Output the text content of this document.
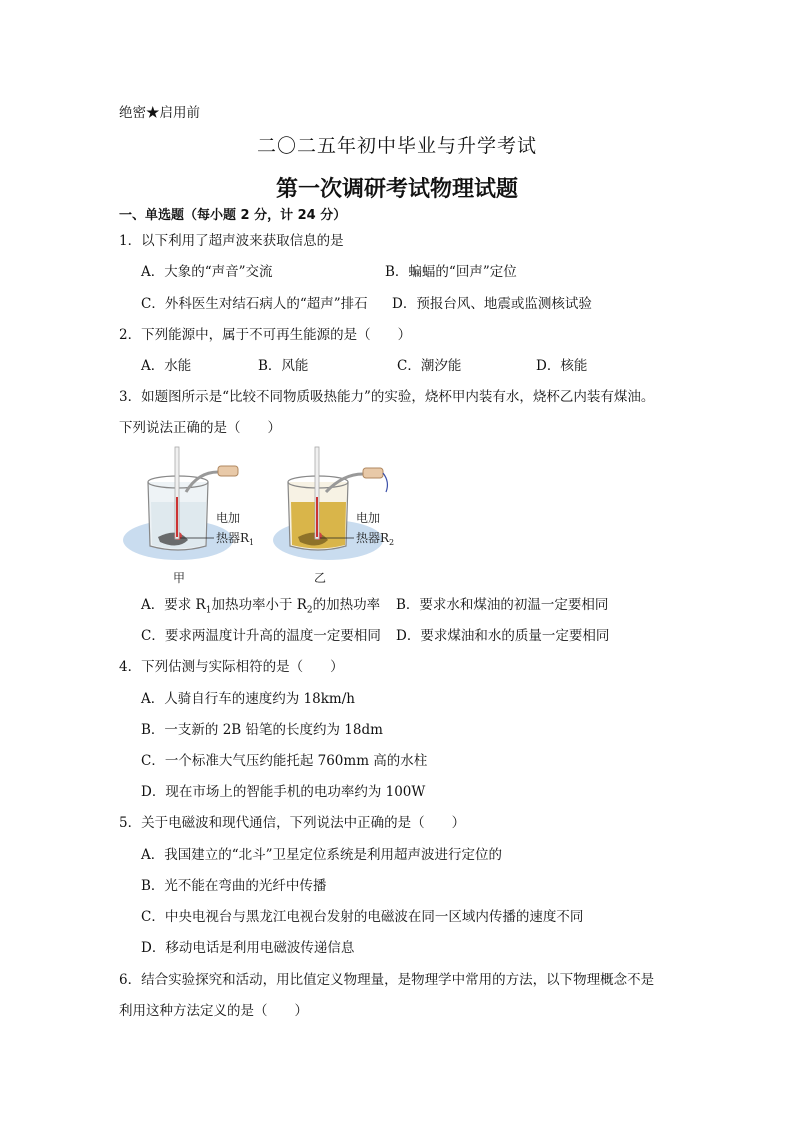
绝密★启用前
二〇二五年初中毕业与升学考试
第一次调研考试物理试题
一、单选题（每小题 2 分，计 24 分）
1．以下利用了超声波来获取信息的是
A．大象的“声音”交流	B．蝙蝠的“回声”定位
C．外科医生对结石病人的“超声”排石 D．预报台风、地震或监测核试验
2．下列能源中，属于不可再生能源的是（　　）
A．水能	B．风能	C．潮汐能	D．核能
3．如题图所示是“比较不同物质吸热能力”的实验，烧杯甲内装有水，烧杯乙内装有煤油。
下列说法正确的是（　　）
电加
热器$R_1$
电加
热器$R_2$
甲	乙
A．要求 $R_1$加热功率小于 $R_2$的加热功率 B．要求水和煤油的初温一定要相同
C．要求两温度计升高的温度一定要相同 D．要求煤油和水的质量一定要相同
4．下列估测与实际相符的是（　　）
A．人骑自行车的速度约为 18km/h
B．一支新的 2B 铅笔的长度约为 18dm
C．一个标准大气压约能托起 760mm 高的水柱
D．现在市场上的智能手机的电功率约为 100W
5．关于电磁波和现代通信，下列说法中正确的是（　　）
A．我国建立的“北斗”卫星定位系统是利用超声波进行定位的
B．光不能在弯曲的光纤中传播
C．中央电视台与黑龙江电视台发射的电磁波在同一区域内传播的速度不同
D．移动电话是利用电磁波传递信息
6．结合实验探究和活动，用比值定义物理量，是物理学中常用的方法，以下物理概念不是
利用这种方法定义的是（　　）
